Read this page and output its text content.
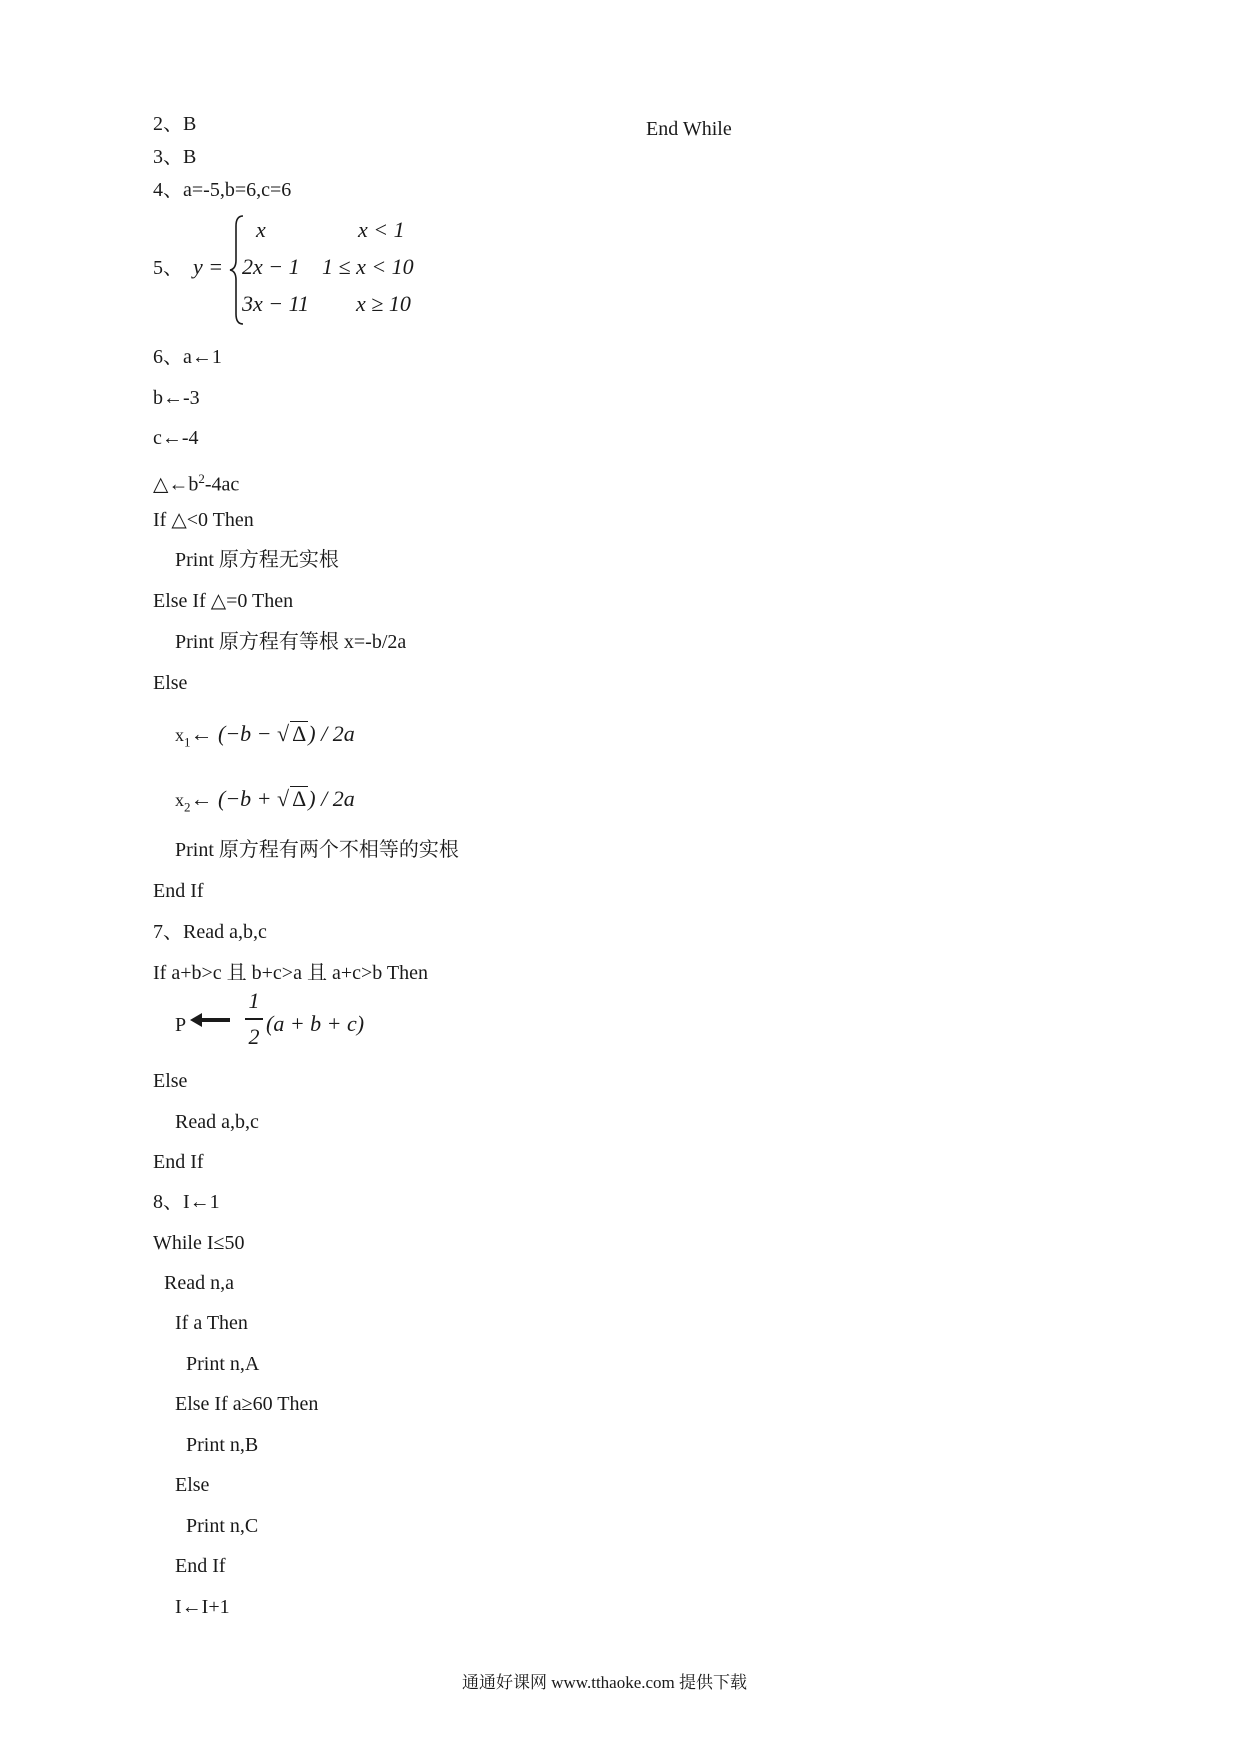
End While
2、B
3、B
4、a=-5,b=6,c=6
5、 y =
x	x < 1
2x − 1 1 ≤ x < 10
3x − 11 x ≥ 10
6、a←1
b←-3
c←-4
$\triangle\leftarrow b^2-4ac$
If △<0 Then
Print 原方程无实根
Else If △=0 Then
Print 原方程有等根 x=-b/2a
Else
$x_1\leftarrow$ (−b − √ Δ) / 2a
$x_2\leftarrow$ (−b + √ Δ) / 2a
Print 原方程有两个不相等的实根
End If
7、Read a,b,c
If a+b>c 且 b+c>a 且 a+c>b Then
P
1
2
(a + b + c)
Else
Read a,b,c
End If
8、I←1
While I≤50
Read n,a
If a Then
Print n,A
Else If a≥60 Then
Print n,B
Else
Print n,C
End If
I←I+1
通通好课网 www.tthaoke.com 提供下载
